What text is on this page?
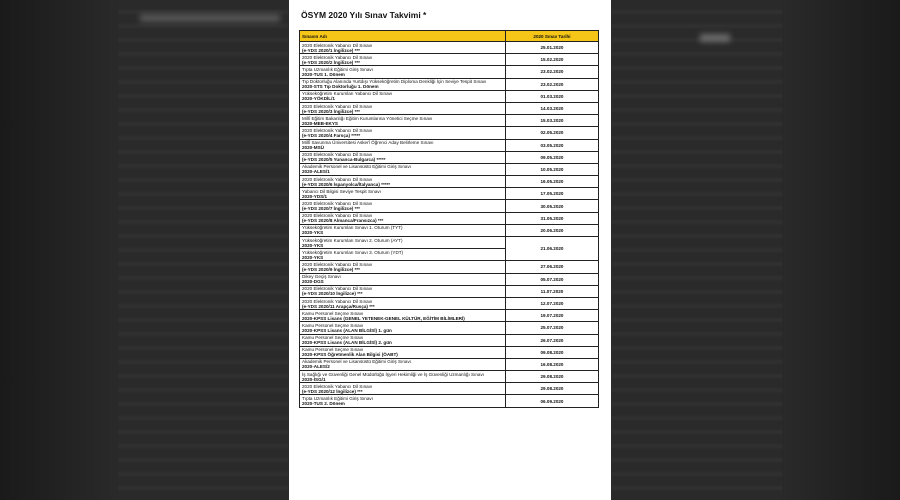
ÖSYM 2020 Yılı Sınav Takvimi *
Sınavın Adı	2020 Sınav Tarihi

2020 Elektronik Yabancı Dil Sınavı
(e-YDS 2020/1 İngilizce) ***	25.01.2020

2020 Elektronik Yabancı Dil Sınavı
(e-YDS 2020/2 İngilizce) ***	15.02.2020

Tıpta Uzmanlık Eğitimi Giriş Sınavı
2020-TUS 1. Dönem	23.02.2020

Tıp Doktorluğu Alanında Yurtdışı Yükseköğretim Diploma Denkliği İçin Seviye Tespit Sınavı
2020-STS Tıp Doktorluğu 1. Dönem	23.02.2020

Yükseköğretim Kurumları Yabancı Dil Sınavı
2020-YÖKDİL/1	01.03.2020

2020 Elektronik Yabancı Dil Sınavı
(e-YDS 2020/3 İngilizce) ***	14.03.2020

Millî Eğitim Bakanlığı Eğitim Kurumlarına Yönetici Seçme Sınavı
2020-MEB-EKYS	15.03.2020

2020 Elektronik Yabancı Dil Sınavı
(e-YDS 2020/4 Farsça) *****	02.05.2020

Millî Savunma Üniversitesi Askerî Öğrenci Aday Belirleme Sınavı
2020-MSÜ	03.05.2020

2020 Elektronik Yabancı Dil Sınavı
(e-YDS 2020/5 Yunanca-Bulgarca) *****	09.05.2020

Akademik Personel ve Lisansüstü Eğitimi Giriş Sınavı
2020-ALES/1	10.05.2020

2020 Elektronik Yabancı Dil Sınavı
(e-YDS 2020/6 İspanyolca/İtalyanca) *****	16.05.2020

Yabancı Dil Bilgisi Seviye Tespit Sınavı
2020-YDS/1	17.05.2020

2020 Elektronik Yabancı Dil Sınavı
(e-YDS 2020/7 İngilizce) ***	30.05.2020

2020 Elektronik Yabancı Dil Sınavı
(e-YDS 2020/8 Almanca/Fransızca) ***	31.05.2020

Yükseköğretim Kurumları Sınavı 1. Oturum (TYT)
2020-YKS	20.06.2020

Yükseköğretim Kurumları Sınavı 2. Oturum (AYT)
2020-YKS	21.06.2020

Yükseköğretim Kurumları Sınavı 3. Oturum (YDT)
2020-YKS	

2020 Elektronik Yabancı Dil Sınavı
(e-YDS 2020/9 İngilizce) ***	27.06.2020

Dikey Geçiş Sınavı
2020-DGS	05.07.2020

2020 Elektronik Yabancı Dil Sınavı
(e-YDS 2020/10 İngilizce) ***	11.07.2020

2020 Elektronik Yabancı Dil Sınavı
(e-YDS 2020/11 Arapça/Rusça) ***	12.07.2020

Kamu Personel Seçme Sınavı
2020-KPSS Lisans (GENEL YETENEK-GENEL KÜLTÜR, EĞİTİM BİLİMLERİ)	19.07.2020

Kamu Personel Seçme Sınavı
2020-KPSS Lisans (ALAN BİLGİSİ) 1. gün	25.07.2020

Kamu Personel Seçme Sınavı
2020-KPSS Lisans (ALAN BİLGİSİ) 2. gün	26.07.2020

Kamu Personel Seçme Sınavı
2020-KPSS Öğretmenlik Alan Bilgisi (ÖABT)	09.08.2020

Akademik Personel ve Lisansüstü Eğitimi Giriş Sınavı
2020-ALES/2	16.08.2020

İş Sağlığı ve Güvenliği Genel Müdürlüğü İşyeri Hekimliği ve İş Güvenliği Uzmanlığı Sınavı
2020-İSG/1	29.08.2020

2020 Elektronik Yabancı Dil Sınavı
(e-YDS 2020/12 İngilizce) ***	29.08.2020

Tıpta Uzmanlık Eğitimi Giriş Sınavı
2020-TUS 2. Dönem	06.09.2020
